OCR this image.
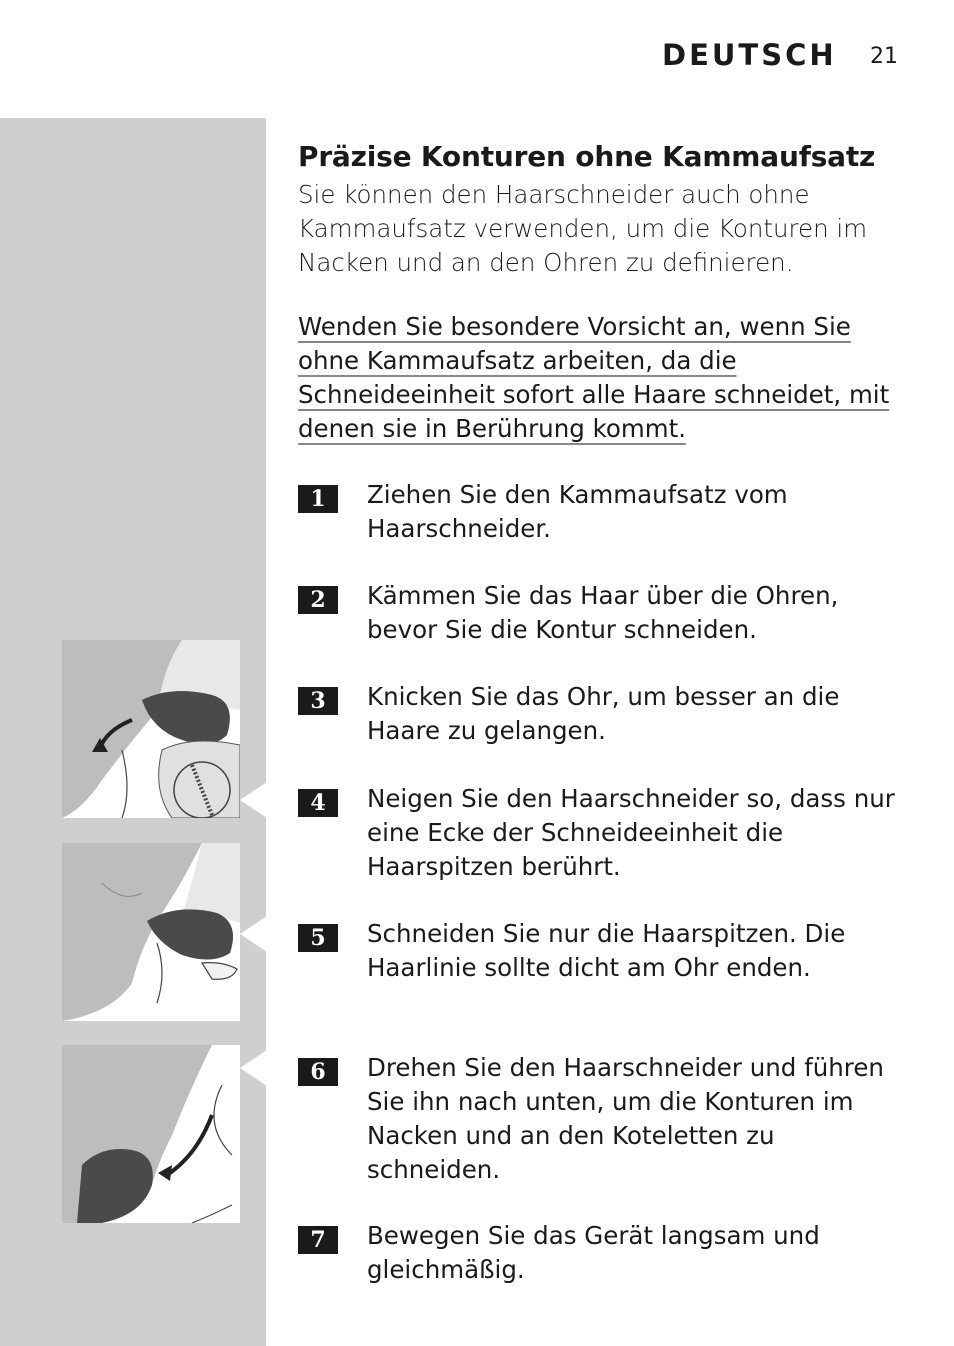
DEUTSCH 21
Präzise Konturen ohne Kammaufsatz

Sie können den Haarschneider auch ohne
Kammaufsatz verwenden, um die Konturen im
Nacken und an den Ohren zu definieren.

Wenden Sie besondere Vorsicht an, wenn Sie
ohne Kammaufsatz arbeiten, da die
Schneideeinheit sofort alle Haare schneidet, mit
denen sie in Berührung kommt.
1	Ziehen Sie den Kammaufsatz vom
Haarschneider.
2	Kämmen Sie das Haar über die Ohren,
bevor Sie die Kontur schneiden.
3	Knicken Sie das Ohr, um besser an die
Haare zu gelangen.
4	Neigen Sie den Haarschneider so, dass nur
eine Ecke der Schneideeinheit die
Haarspitzen berührt.
5	Schneiden Sie nur die Haarspitzen. Die
Haarlinie sollte dicht am Ohr enden.
6	Drehen Sie den Haarschneider und führen
Sie ihn nach unten, um die Konturen im
Nacken und an den Koteletten zu
schneiden.
7	Bewegen Sie das Gerät langsam und
gleichmäßig.
